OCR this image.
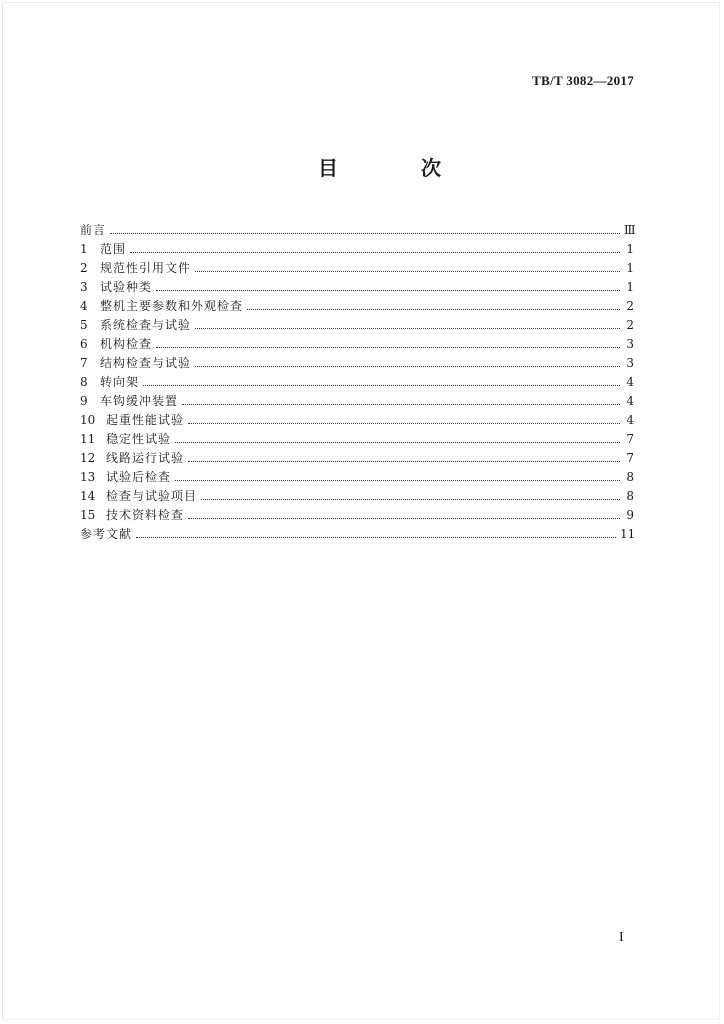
TB/T 3082—2017
目 次
前言	Ⅲ
1	范围	1
2	规范性引用文件	1
3	试验种类	1
4	整机主要参数和外观检查	2
5	系统检查与试验	2
6	机构检查	3
7	结构检查与试验	3
8	转向架	4
9	车钩缓冲装置	4
10 起重性能试验	4
11 稳定性试验	7
12 线路运行试验	7
13 试验后检查	8
14 检查与试验项目	8
15 技术资料检查	9
参考文献	11
I
